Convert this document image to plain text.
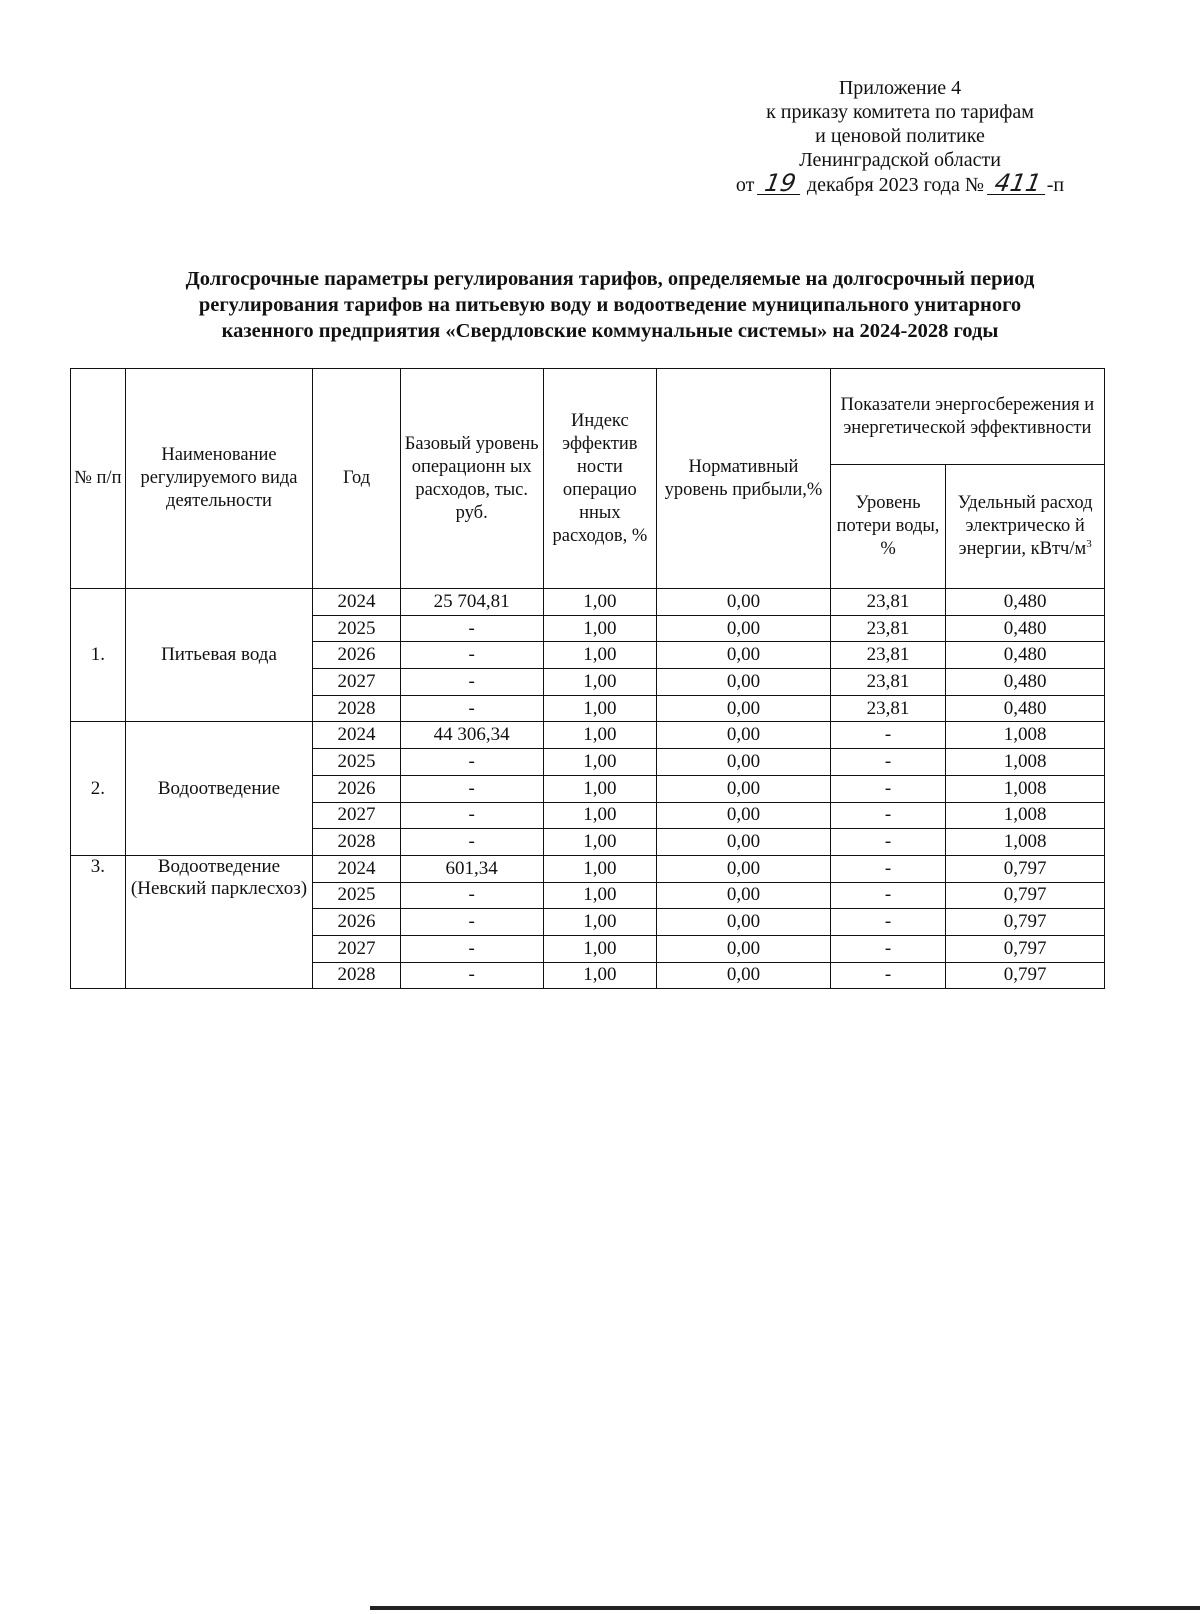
Приложение 4
к приказу комитета по тарифам
и ценовой политике
Ленинградской области
от 19 декабря 2023 года № 411 -п
Долгосрочные параметры регулирования тарифов, определяемые на долгосрочный период
регулирования тарифов на питьевую воду и водоотведение муниципального унитарного
казенного предприятия «Свердловские коммунальные системы» на 2024-2028 годы
№ п/п	Наименование регулируемого вида деятельности	Год	Базовый уровень операционн ых расходов, тыс. руб.	Индекс эффектив ности операцио нных расходов, %	Нормативный уровень прибыли,%	Показатели энергосбережения и энергетической эффективности	
						Уровень потери воды, %	Удельный расход электрическо й энергии, кВтч/$м^3$
1.	Питьевая вода	2024	25 704,81	1,00	0,00	23,81	0,480
		2025	-	1,00	0,00	23,81	0,480
		2026	-	1,00	0,00	23,81	0,480
		2027	-	1,00	0,00	23,81	0,480
		2028	-	1,00	0,00	23,81	0,480
2.	Водоотведение	2024	44 306,34	1,00	0,00	-	1,008
		2025	-	1,00	0,00	-	1,008
		2026	-	1,00	0,00	-	1,008
		2027	-	1,00	0,00	-	1,008
		2028	-	1,00	0,00	-	1,008
3.	Водоотведение (Невский парклесхоз)	2024	601,34	1,00	0,00	-	0,797
		2025	-	1,00	0,00	-	0,797
		2026	-	1,00	0,00	-	0,797
		2027	-	1,00	0,00	-	0,797
		2028	-	1,00	0,00	-	0,797
